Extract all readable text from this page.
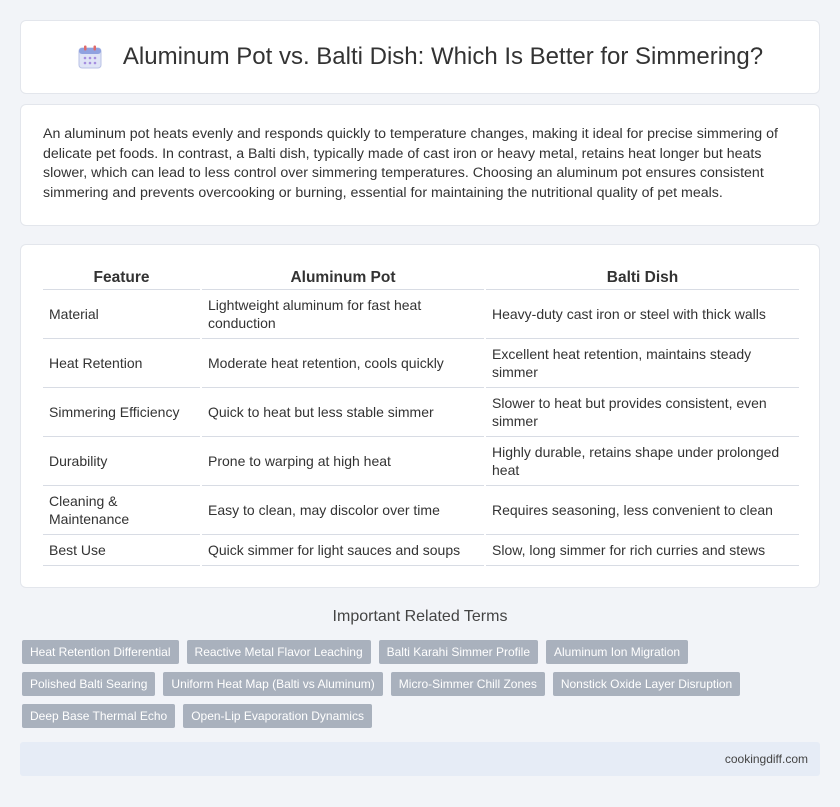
Aluminum Pot vs. Balti Dish: Which Is Better for Simmering?

An aluminum pot heats evenly and responds quickly to temperature changes, making it ideal for precise simmering of delicate pet foods. In contrast, a Balti dish, typically made of cast iron or heavy metal, retains heat longer but heats slower, which can lead to less control over simmering temperatures. Choosing an aluminum pot ensures consistent simmering and prevents overcooking or burning, essential for maintaining the nutritional quality of pet meals.

Feature	Aluminum Pot	Balti Dish
Material	Lightweight aluminum for fast heat conduction	Heavy-duty cast iron or steel with thick walls
Heat Retention	Moderate heat retention, cools quickly	Excellent heat retention, maintains steady simmer
Simmering Efficiency	Quick to heat but less stable simmer	Slower to heat but provides consistent, even simmer
Durability	Prone to warping at high heat	Highly durable, retains shape under prolonged heat
Cleaning & Maintenance	Easy to clean, may discolor over time	Requires seasoning, less convenient to clean
Best Use	Quick simmer for light sauces and soups	Slow, long simmer for rich curries and stews
Important Related Terms
Heat Retention Differential	Reactive Metal Flavor Leaching	Balti Karahi Simmer Profile	Aluminum Ion Migration
Polished Balti Searing	Uniform Heat Map (Balti vs Aluminum)	Micro-Simmer Chill Zones	Nonstick Oxide Layer Disruption
Deep Base Thermal Echo	Open-Lip Evaporation Dynamics
cookingdiff.com
